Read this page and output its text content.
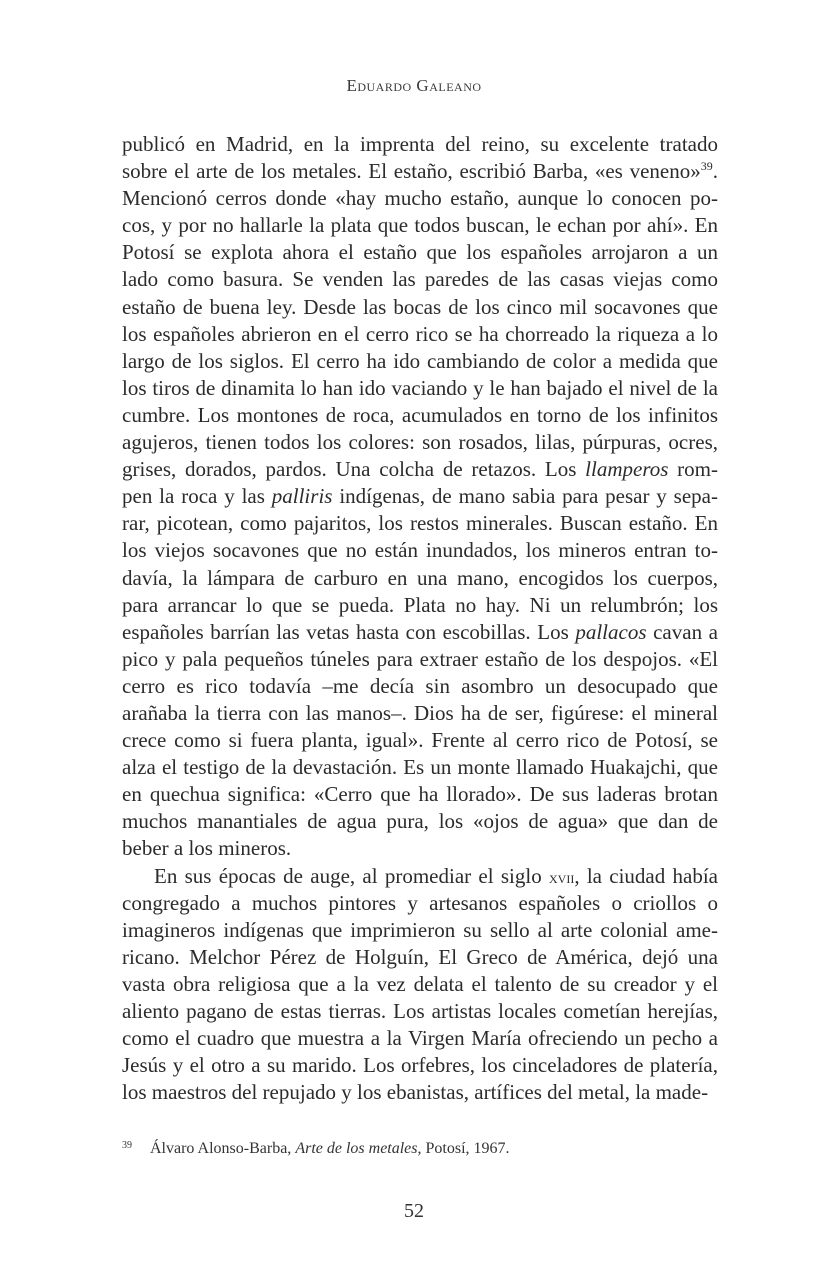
Eduardo Galeano
publicó en Madrid, en la imprenta del reino, su excelente tratado
sobre el arte de los metales. El estaño, escribió Barba, «es veneno»$^{39}$.
Mencionó cerros donde «hay mucho estaño, aunque lo conocen po-
cos, y por no hallarle la plata que todos buscan, le echan por ahí». En
Potosí se explota ahora el estaño que los españoles arrojaron a un
lado como basura. Se venden las paredes de las casas viejas como
estaño de buena ley. Desde las bocas de los cinco mil socavones que
los españoles abrieron en el cerro rico se ha chorreado la riqueza a lo
largo de los siglos. El cerro ha ido cambiando de color a medida que
los tiros de dinamita lo han ido vaciando y le han bajado el nivel de la
cumbre. Los montones de roca, acumulados en torno de los infinitos
agujeros, tienen todos los colores: son rosados, lilas, púrpuras, ocres,
grises, dorados, pardos. Una colcha de retazos. Los llamperos rom-
pen la roca y las palliris indígenas, de mano sabia para pesar y sepa-
rar, picotean, como pajaritos, los restos minerales. Buscan estaño. En
los viejos socavones que no están inundados, los mineros entran to-
davía, la lámpara de carburo en una mano, encogidos los cuerpos,
para arrancar lo que se pueda. Plata no hay. Ni un relumbrón; los
españoles barrían las vetas hasta con escobillas. Los pallacos cavan a
pico y pala pequeños túneles para extraer estaño de los despojos. «El
cerro es rico todavía –me decía sin asombro un desocupado que
arañaba la tierra con las manos–. Dios ha de ser, figúrese: el mineral
crece como si fuera planta, igual». Frente al cerro rico de Potosí, se
alza el testigo de la devastación. Es un monte llamado Huakajchi, que
en quechua significa: «Cerro que ha llorado». De sus laderas brotan
muchos manantiales de agua pura, los «ojos de agua» que dan de
beber a los mineros.
En sus épocas de auge, al promediar el siglo xvii, la ciudad había
congregado a muchos pintores y artesanos españoles o criollos o
imagineros indígenas que imprimieron su sello al arte colonial ame-
ricano. Melchor Pérez de Holguín, El Greco de América, dejó una
vasta obra religiosa que a la vez delata el talento de su creador y el
aliento pagano de estas tierras. Los artistas locales cometían herejías,
como el cuadro que muestra a la Virgen María ofreciendo un pecho a
Jesús y el otro a su marido. Los orfebres, los cinceladores de platería,
los maestros del repujado y los ebanistas, artífices del metal, la made-
$^{39}$ Álvaro Alonso-Barba, Arte de los metales, Potosí, 1967.
52
